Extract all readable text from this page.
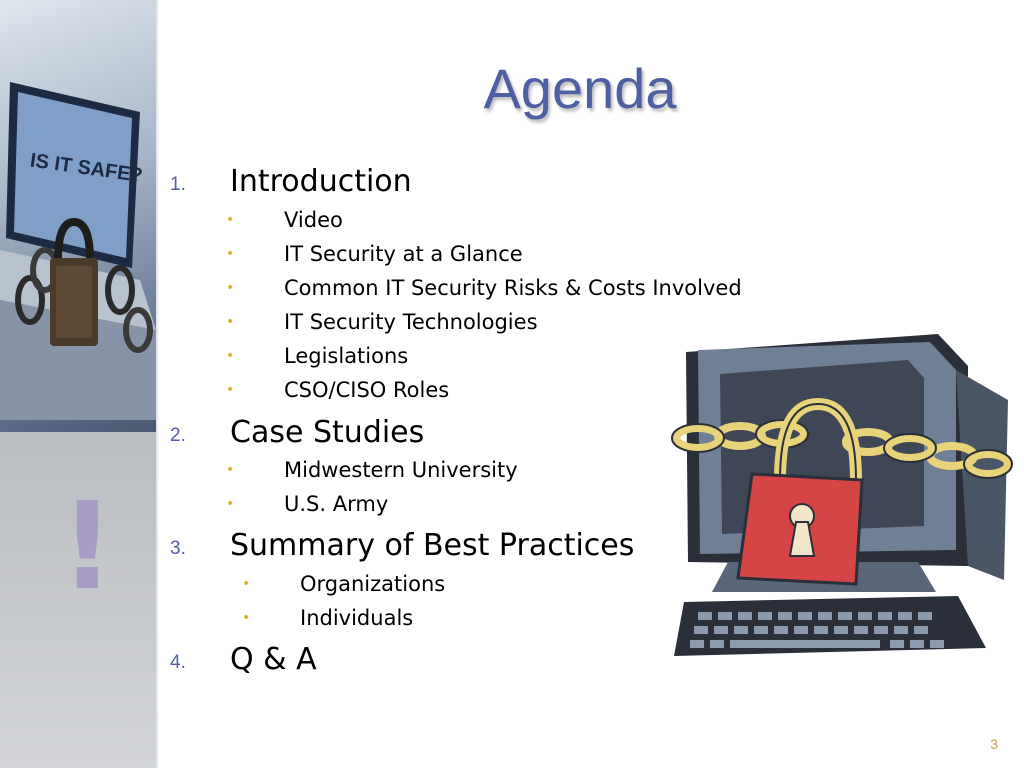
IS IT SAFE?
!
Agenda
1.	Introduction
• Video
• IT Security at a Glance
• Common IT Security Risks & Costs Involved
• IT Security Technologies
• Legislations
• CSO/CISO Roles
2.	Case Studies
• Midwestern University
• U.S. Army
3.	Summary of Best Practices
• Organizations
• Individuals
4.	Q & A
3
